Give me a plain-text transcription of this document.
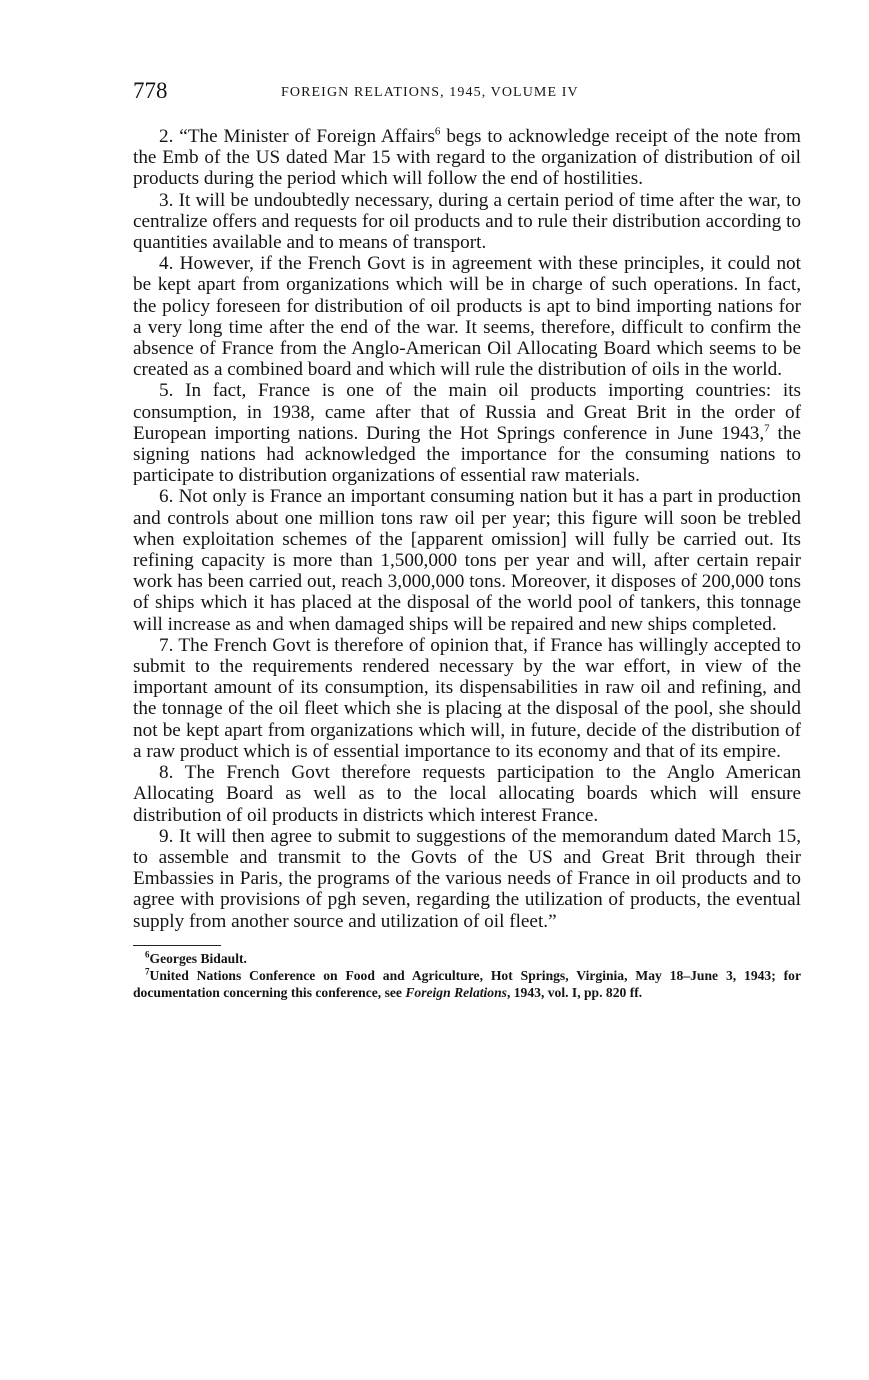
778	FOREIGN RELATIONS, 1945, VOLUME IV

2. “The Minister of Foreign Affairs$^6$ begs to acknowledge receipt of the note from the Emb of the US dated Mar 15 with regard to the organization of distribution of oil products during the period which will follow the end of hostilities.

3. It will be undoubtedly necessary, during a certain period of time after the war, to centralize offers and requests for oil products and to rule their distribution according to quantities available and to means of transport.

4. However, if the French Govt is in agreement with these principles, it could not be kept apart from organizations which will be in charge of such operations. In fact, the policy foreseen for distribution of oil products is apt to bind importing nations for a very long time after the end of the war. It seems, therefore, difficult to confirm the absence of France from the Anglo-American Oil Allocating Board which seems to be created as a combined board and which will rule the distribution of oils in the world.

5. In fact, France is one of the main oil products importing countries: its consumption, in 1938, came after that of Russia and Great Brit in the order of European importing nations. During the Hot Springs conference in June 1943,$^7$ the signing nations had acknowledged the importance for the consuming nations to participate to distribution organizations of essential raw materials.

6. Not only is France an important consuming nation but it has a part in production and controls about one million tons raw oil per year; this figure will soon be trebled when exploitation schemes of the [apparent omission] will fully be carried out. Its refining capacity is more than 1,500,000 tons per year and will, after certain repair work has been carried out, reach 3,000,000 tons. Moreover, it disposes of 200,000 tons of ships which it has placed at the disposal of the world pool of tankers, this tonnage will increase as and when damaged ships will be repaired and new ships completed.

7. The French Govt is therefore of opinion that, if France has willingly accepted to submit to the requirements rendered necessary by the war effort, in view of the important amount of its consumption, its dispensabilities in raw oil and refining, and the tonnage of the oil fleet which she is placing at the disposal of the pool, she should not be kept apart from organizations which will, in future, decide of the distribution of a raw product which is of essential importance to its economy and that of its empire.

8. The French Govt therefore requests participation to the Anglo American Allocating Board as well as to the local allocating boards which will ensure distribution of oil products in districts which interest France.

9. It will then agree to submit to suggestions of the memorandum dated March 15, to assemble and transmit to the Govts of the US and Great Brit through their Embassies in Paris, the programs of the various needs of France in oil products and to agree with provisions of pgh seven, regarding the utilization of products, the eventual supply from another source and utilization of oil fleet.”

$^6$Georges Bidault.

$^7$United Nations Conference on Food and Agriculture, Hot Springs, Virginia, May 18–June 3, 1943; for documentation concerning this conference, see Foreign Relations, 1943, vol. I, pp. 820 ff.
